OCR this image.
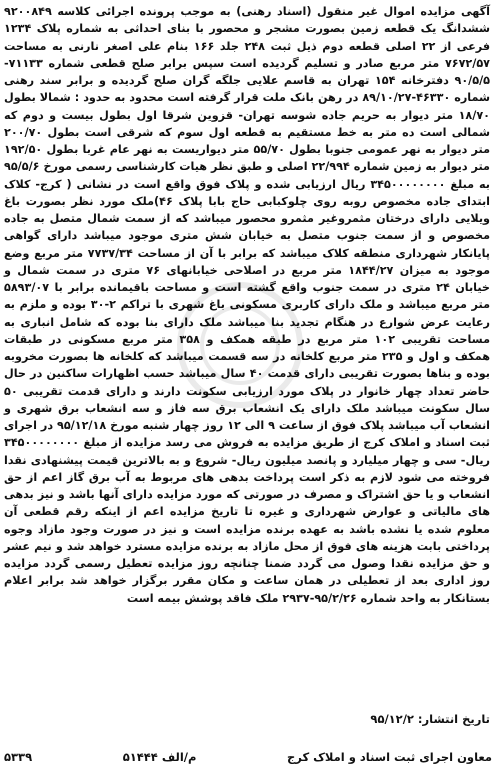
آگهی مزایده اموال غیر منقول (اسناد رهنی) به موجب پرونده اجرائی کلاسه ۹۲۰۰۸۴۹ ششدانگ یک قطعه زمین بصورت مشجر و محصور با بنای احداثی به شماره پلاک ۱۲۳۴ فرعی از ۲۲ اصلی قطعه دوم ذیل ثبت ۲۴۸ جلد ۱۶۶ بنام علی اصغر نارنی به مساحت ۷۶۷۲/۵۷ متر مربع صادر و تسلیم گردیده است سپس برابر صلح قطعی شماره ۷۱۱۳۳- ۹۰/۵/۵ دفترخانه ۱۵۴ تهران به قاسم علایی جلگه گران صلح گردیده و برابر سند رهنی شماره ۴۶۳۳۰-۸۹/۱۰/۲۷ در رهن بانک ملت قرار گرفته است محدود به حدود : شمالا بطول ۱۸/۷۰ متر دیوار به حریم جاده شوسه تهران- قزوین شرقا اول بطول بیست و دوم که شمالی است ده متر به خط مستقیم به قطعه اول سوم که شرقی است بطول ۲۰۰/۷۰ متر دیوار به نهر عمومی جنوبا بطول ۵۵/۷۰ متر دیواریست به نهر عام غربا بطول ۱۹۲/۵۰ متر دیوار به زمین شماره ۲۲/۹۹۴ اصلی و طبق نظر هیات کارشناسی رسمی مورخ ۹۵/۵/۶ به مبلغ ۳۴۵۰۰۰۰۰۰۰۰ ریال ارزیابی شده و پلاک فوق واقع است در نشانی ( کرج- کلاک ابتدای جاده مخصوص روبه روی چلوکبابی حاج بابا پلاک ۴۶)ملک مورد نظر بصورت باغ ویلایی دارای درختان مثمروغیر مثمرو محصور میباشد که از سمت شمال متصل به جاده مخصوص و از سمت جنوب متصل به خیابان شش متری موجود میباشد دارای گواهی پایانکار شهرداری منطقه کلاک میباشد که برابر با آن از مساحت ۷۷۳۷/۳۴ متر مربع وضع موجود به میزان ۱۸۴۴/۲۷ متر مربع در اصلاحی خیابانهای ۷۶ متری در سمت شمال و خیابان ۲۴ متری در سمت جنوب واقع گشته است و مساحت باقیمانده برابر با ۵۸۹۳/۰۷ متر مربع میباشد و ملک دارای کاربری مسکونی باغ شهری با تراکم ۲-۳۰ بوده و ملزم به رعایت عرض شوارع در هنگام تجدید بنا میباشد ملک دارای بنا بوده که شامل انباری به مساحت تقریبی ۱۰۲ متر مربع در طبقه همکف و ۳۵۸ متر مربع مسکونی در طبقات همکف و اول و ۲۳۵ متر مربع کلخانه در سه قسمت میباشد که کلخانه ها بصورت مخروبه بوده و بناها بصورت تقریبی دارای قدمت ۴۰ سال میباشد حسب اظهارات ساکنین در حال حاضر تعداد چهار خانوار در پلاک مورد ارزیابی سکونت دارند و دارای قدمت تقریبی ۵۰ سال سکونت میباشد ملک دارای یک انشعاب برق سه فاز و سه انشعاب برق شهری و انشعاب آب میباشد پلاک فوق از ساعت ۹ الی ۱۲ روز چهار شنبه مورخ ۹۵/۱۲/۱۸ در اجرای ثبت اسناد و املاک کرج از طریق مزایده به فروش می رسد مزایده از مبلغ ۳۴۵۰۰۰۰۰۰۰۰ ریال- سی و چهار میلیارد و پانصد میلیون ریال- شروع و به بالاترین قیمت پیشنهادی نقدا فروخته می شود لازم به ذکر است پرداخت بدهی های مربوط به آب برق گاز اعم از حق انشعاب و یا حق اشتراک و مصرف در صورتی که مورد مزایده دارای آنها باشد و نیز بدهی های مالیاتی و عوارض شهرداری و غیره تا تاریخ مزایده اعم از اینکه رقم قطعی آن معلوم شده یا نشده باشد به عهده برنده مزایده است و نیز در صورت وجود مازاد وجوه پرداختی بابت هزینه های فوق از محل مازاد به برنده مزایده مسترد خواهد شد و نیم عشر و حق مزایده نقدا وصول می گردد ضمنا چنانچه روز مزایده تعطیل رسمی گردد مزایده روز اداری بعد از تعطیلی در همان ساعت و مکان مقرر برگزار خواهد شد برابر اعلام بستانکار به واحد شماره ۹۵/۲/۲۶-۲۹۳۷ ملک فاقد پوشش بیمه است

تاریخ انتشار: ۹۵/۱۲/۲
معاون اجرای ثبت اسناد و املاک کرج
م/الف ۵۱۴۴۴
۵۳۳۹
